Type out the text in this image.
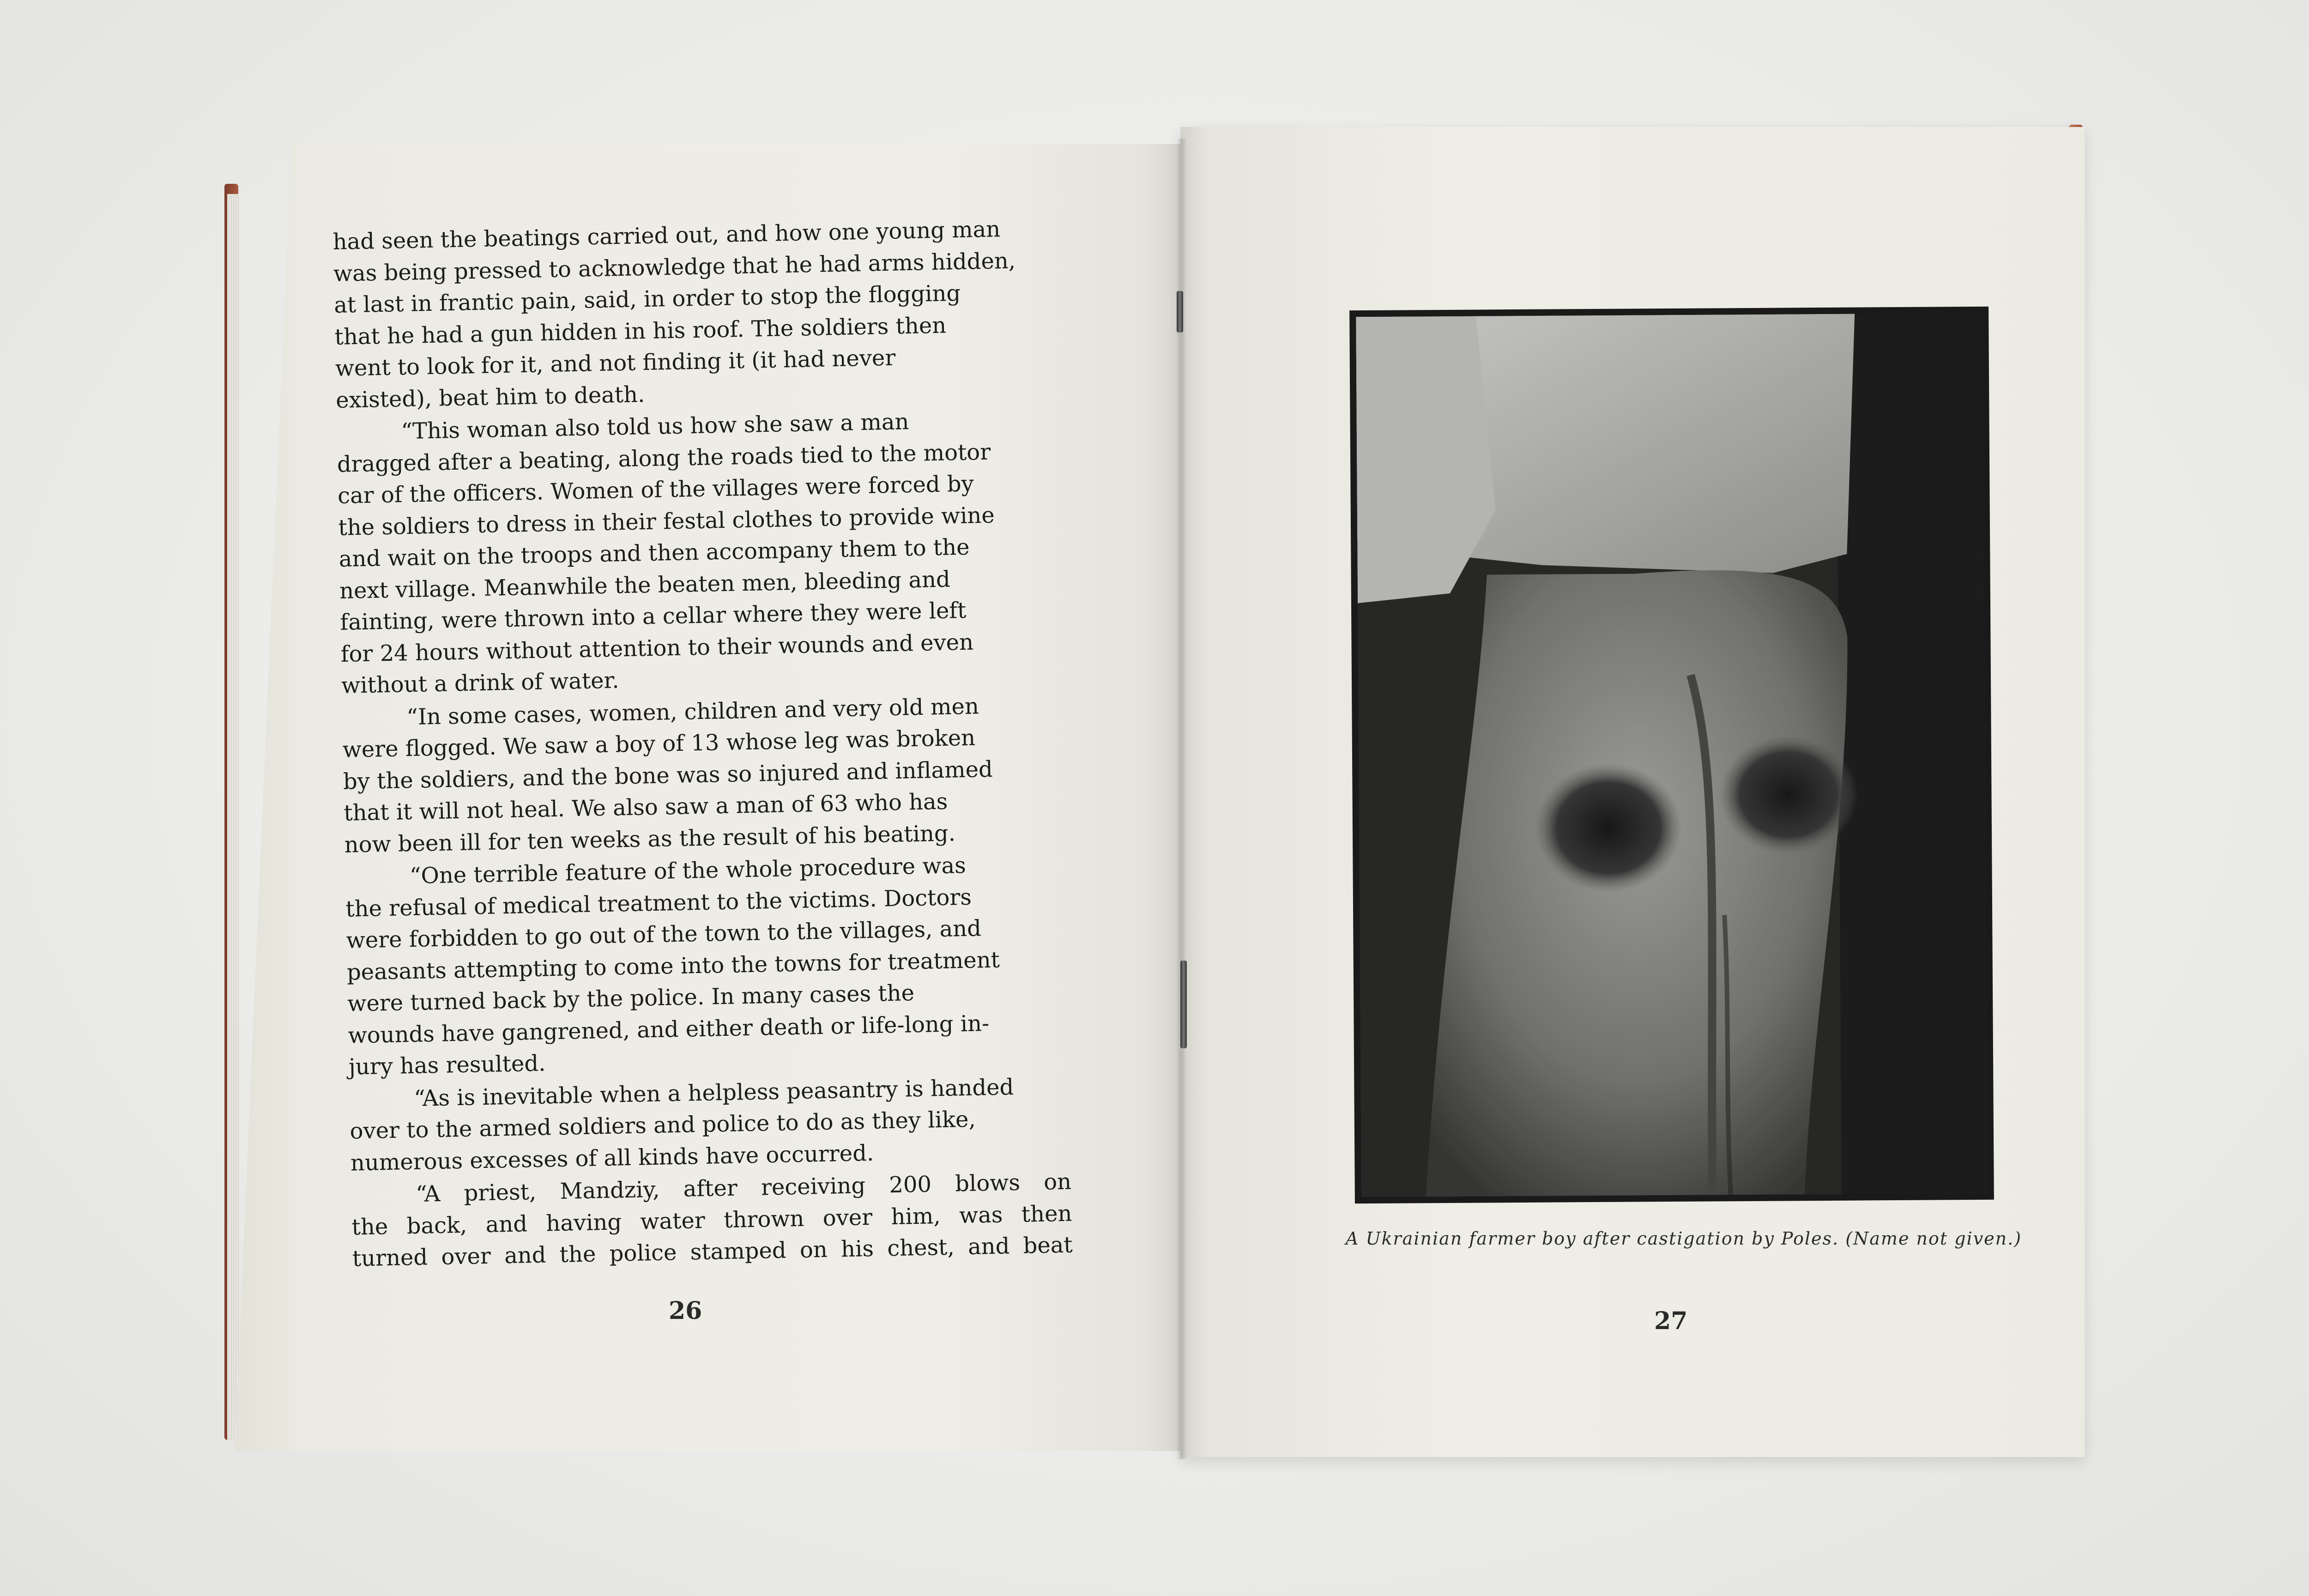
had seen the beatings carried out, and how one young man
was being pressed to acknowledge that he had arms hidden,
at last in frantic pain, said, in order to stop the flogging
that he had a gun hidden in his roof. The soldiers then
went to look for it, and not finding it (it had never
existed), beat him to death.

“This woman also told us how she saw a man
dragged after a beating, along the roads tied to the motor
car of the officers. Women of the villages were forced by
the soldiers to dress in their festal clothes to provide wine
and wait on the troops and then accompany them to the
next village. Meanwhile the beaten men, bleeding and
fainting, were thrown into a cellar where they were left
for 24 hours without attention to their wounds and even
without a drink of water.

“In some cases, women, children and very old men
were flogged. We saw a boy of 13 whose leg was broken
by the soldiers, and the bone was so injured and inflamed
that it will not heal. We also saw a man of 63 who has
now been ill for ten weeks as the result of his beating.

“One terrible feature of the whole procedure was
the refusal of medical treatment to the victims. Doctors
were forbidden to go out of the town to the villages, and
peasants attempting to come into the towns for treatment
were turned back by the police. In many cases the
wounds have gangrened, and either death or life-long in-
jury has resulted.

“As is inevitable when a helpless peasantry is handed
over to the armed soldiers and police to do as they like,
numerous excesses of all kinds have occurred.

“A priest, Mandziy, after receiving 200 blows on
the back, and having water thrown over him, was then
turned over and the police stamped on his chest, and beat

26
A Ukrainian farmer boy after castigation by Poles. (Name not given.)
27
